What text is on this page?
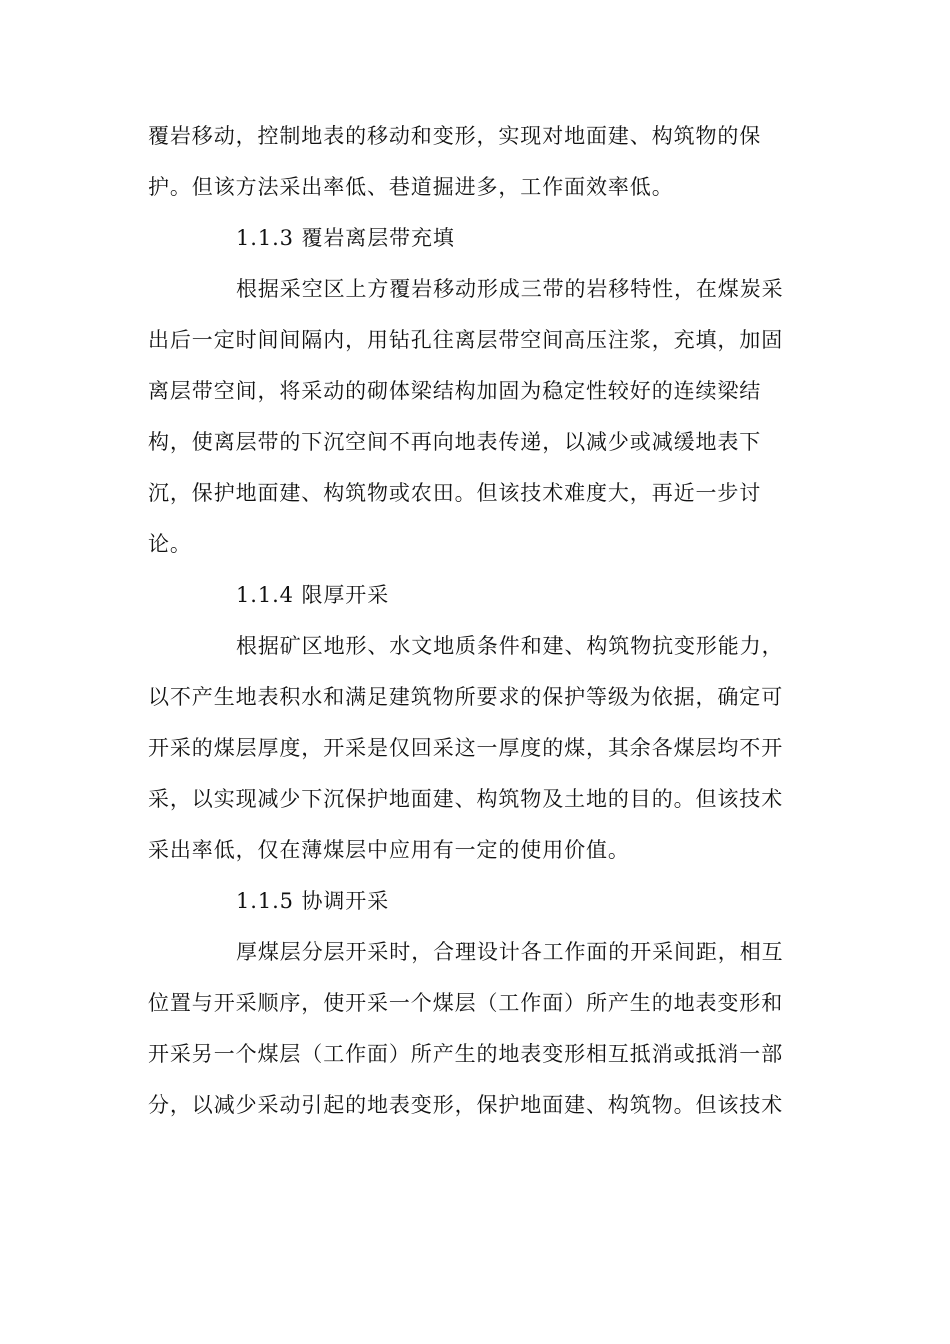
覆岩移动，控制地表的移动和变形，实现对地面建、构筑物的保
护。但该方法采出率低、巷道掘进多，工作面效率低。
1.1.3 覆岩离层带充填
根据采空区上方覆岩移动形成三带的岩移特性，在煤炭采
出后一定时间间隔内，用钻孔往离层带空间高压注浆，充填，加固
离层带空间，将采动的砌体梁结构加固为稳定性较好的连续梁结
构，使离层带的下沉空间不再向地表传递，以减少或减缓地表下
沉，保护地面建、构筑物或农田。但该技术难度大，再近一步讨
论。
1.1.4 限厚开采
根据矿区地形、水文地质条件和建、构筑物抗变形能力，
以不产生地表积水和满足建筑物所要求的保护等级为依据，确定可
开采的煤层厚度，开采是仅回采这一厚度的煤，其余各煤层均不开
采，以实现减少下沉保护地面建、构筑物及土地的目的。但该技术
采出率低，仅在薄煤层中应用有一定的使用价值。
1.1.5 协调开采
厚煤层分层开采时，合理设计各工作面的开采间距，相互
位置与开采顺序，使开采一个煤层（工作面）所产生的地表变形和
开采另一个煤层（工作面）所产生的地表变形相互抵消或抵消一部
分，以减少采动引起的地表变形，保护地面建、构筑物。但该技术
